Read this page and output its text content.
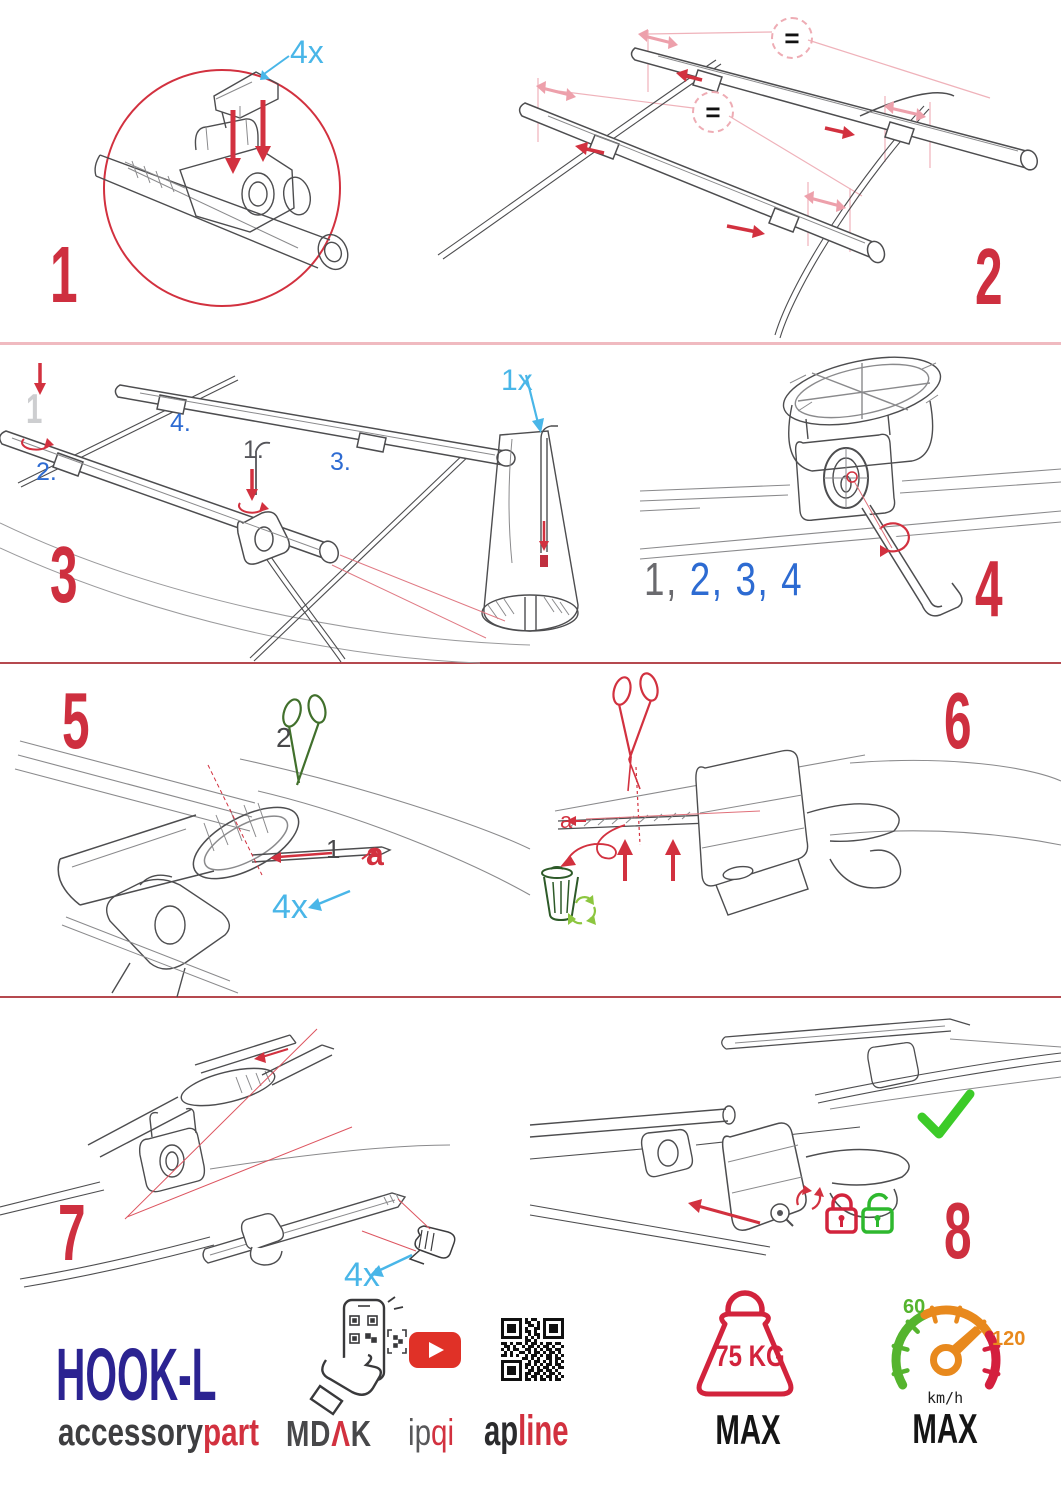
4x
1
=
=
2
1
2.
4.
1.	3.
1x
3	1, 2, 3, 4 4
2
1 a
4x
5
a
6
4x
7	8
HOOK-L
accessorypart MDΛK ipqi apline
75 KG
MAX
60
120
km/h
MAX
